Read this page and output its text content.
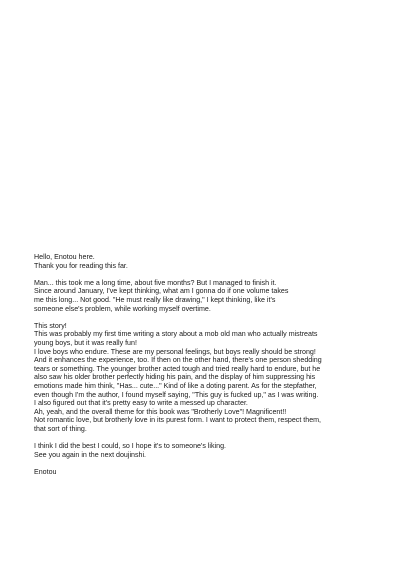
Hello, Enotou here.
Thank you for reading this far.

Man... this took me a long time, about five months? But I managed to finish it.
Since around January, I've kept thinking, what am I gonna do if one volume takes
me this long... Not good. "He must really like drawing," I kept thinking, like it's
someone else's problem, while working myself overtime.

This story!
This was probably my first time writing a story about a mob old man who actually mistreats
young boys, but it was really fun!
I love boys who endure. These are my personal feelings, but boys really should be strong!
And it enhances the experience, too. If then on the other hand, there's one person shedding
tears or something. The younger brother acted tough and tried really hard to endure, but he
also saw his older brother perfectly hiding his pain, and the display of him suppressing his
emotions made him think, "Has... cute..." Kind of like a doting parent. As for the stepfather,
even though I'm the author, I found myself saying, "This guy is fucked up," as I was writing.
I also figured out that it's pretty easy to write a messed up character.
Ah, yeah, and the overall theme for this book was "Brotherly Love"! Magnificent!!
Not romantic love, but brotherly love in its purest form. I want to protect them, respect them,
that sort of thing.

I think I did the best I could, so I hope it's to someone's liking.
See you again in the next doujinshi.

Enotou
